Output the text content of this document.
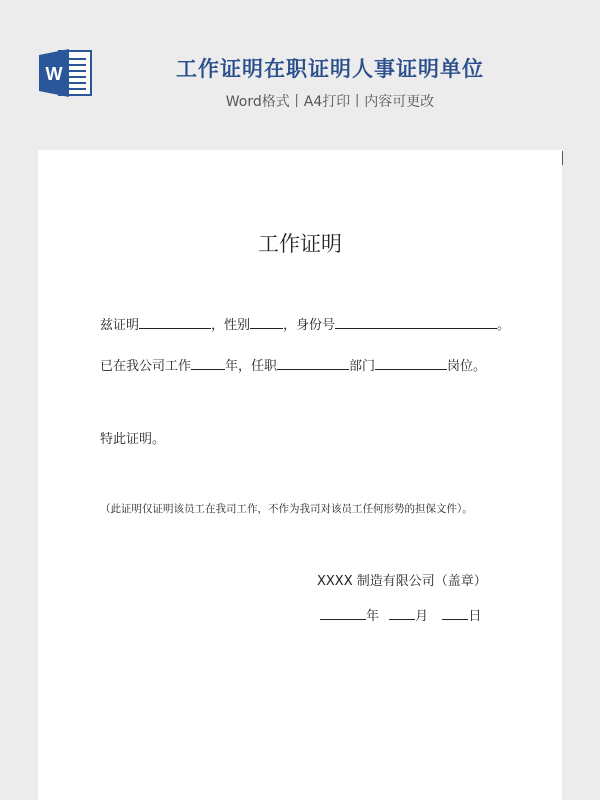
W	工作证明在职证明人事证明单位
Word格式丨A4打印丨内容可更改
工作证明
兹证明	，性别	，身份号	。
已在我公司工作	年，任职	部门	岗位。
特此证明。
（此证明仅证明该员工在我司工作，不作为我司对该员工任何形势的担保文件）。
XXXX 制造有限公司（盖章）
年	月	日
